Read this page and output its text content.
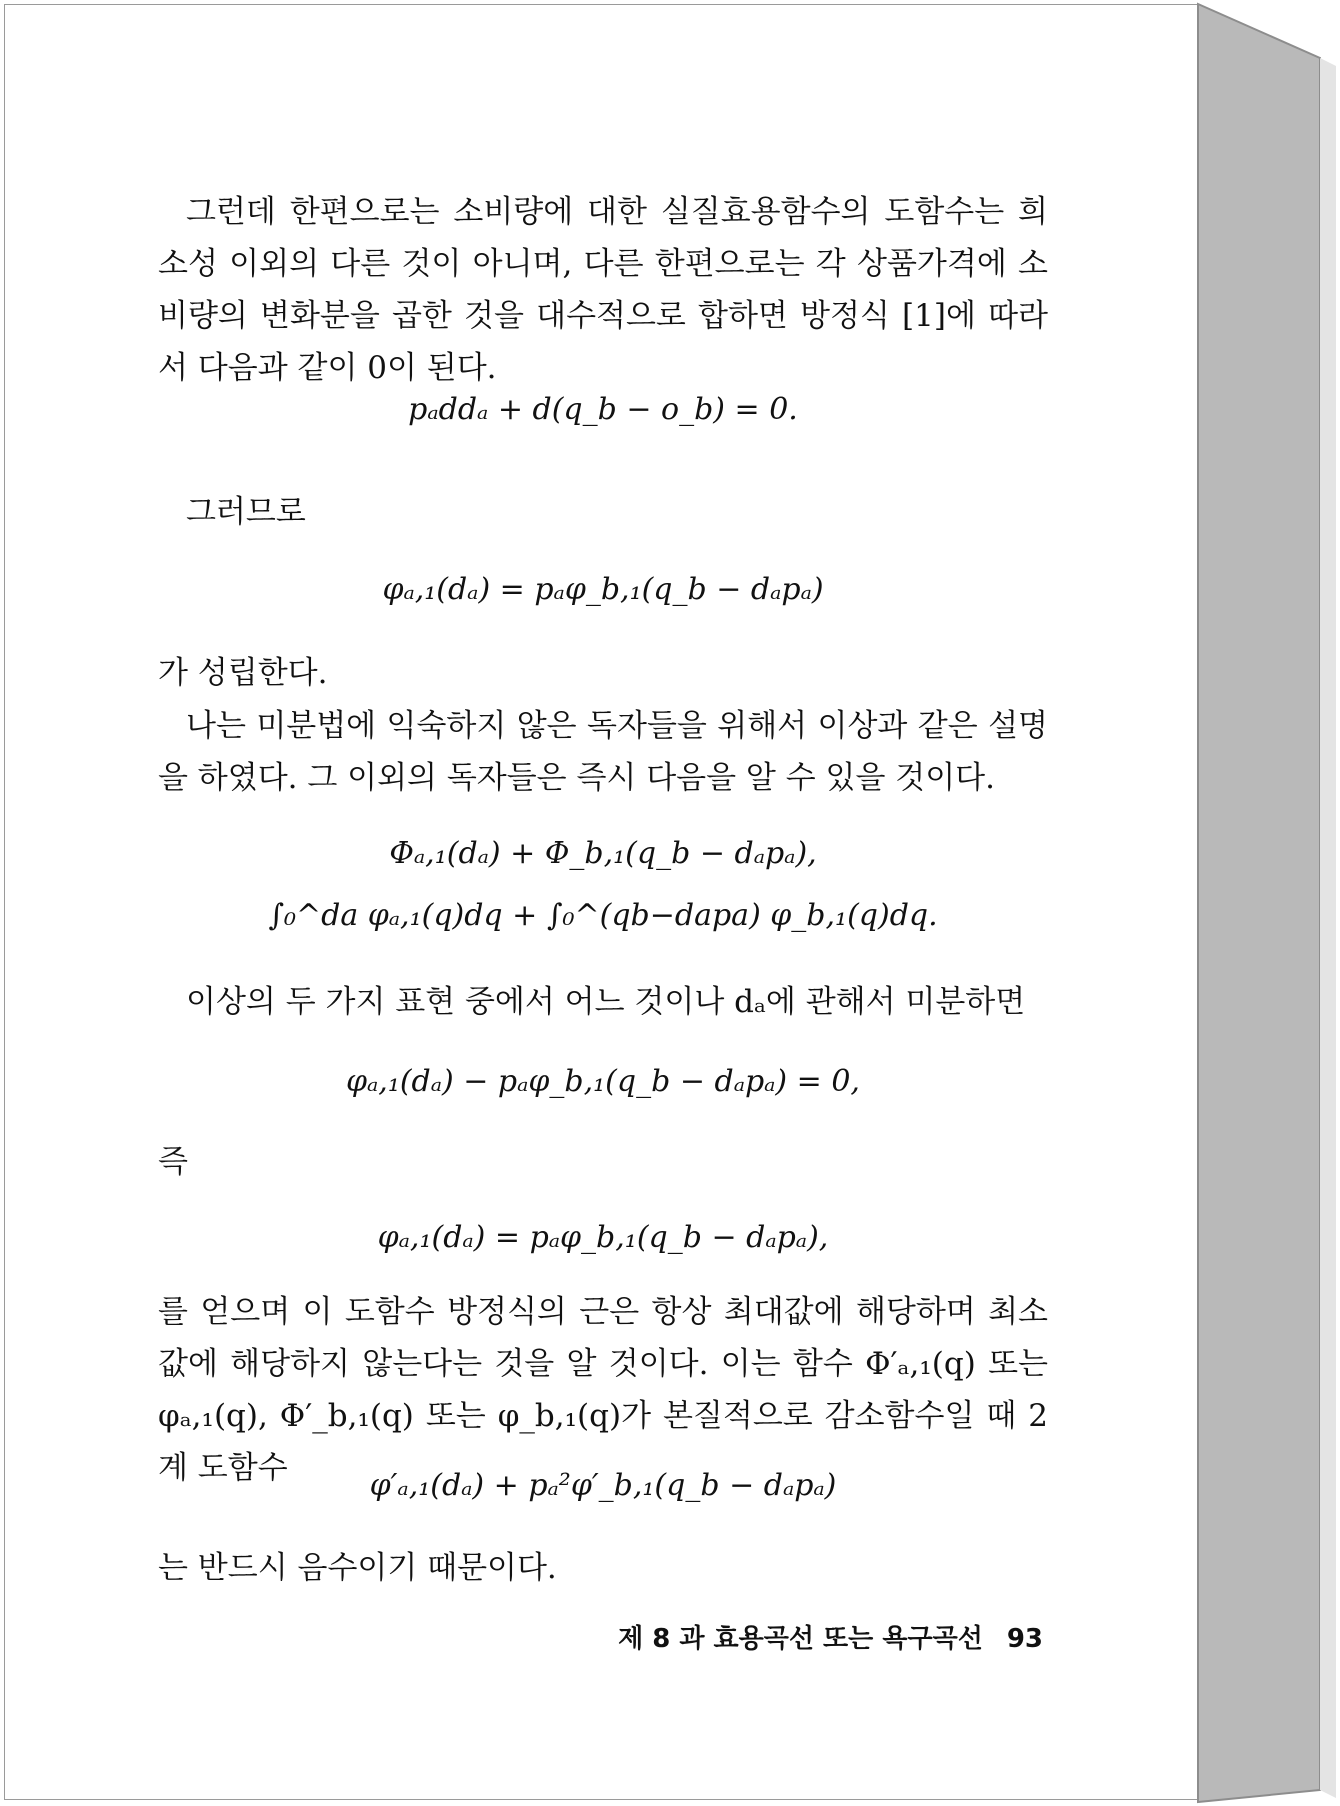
그런데 한편으로는 소비량에 대한 실질효용함수의 도함수는 희소성 이외의 다른 것이 아니며, 다른 한편으로는 각 상품가격에 소비량의 변화분을 곱한 것을 대수적으로 합하면 방정식 [1]에 따라서 다음과 같이 0이 된다.
pₐddₐ + d(q_b − o_b) = 0.
그러므로
φₐ,₁(dₐ) = pₐφ_b,₁(q_b − dₐpₐ)
가 성립한다.
나는 미분법에 익숙하지 않은 독자들을 위해서 이상과 같은 설명을 하였다. 그 이외의 독자들은 즉시 다음을 알 수 있을 것이다.
Φₐ,₁(dₐ) + Φ_b,₁(q_b − dₐpₐ),
∫₀^da φₐ,₁(q)dq + ∫₀^(qb−dapa) φ_b,₁(q)dq.
이상의 두 가지 표현 중에서 어느 것이나 dₐ에 관해서 미분하면
φₐ,₁(dₐ) − pₐφ_b,₁(q_b − dₐpₐ) = 0,
즉
φₐ,₁(dₐ) = pₐφ_b,₁(q_b − dₐpₐ),
를 얻으며 이 도함수 방정식의 근은 항상 최대값에 해당하며 최소값에 해당하지 않는다는 것을 알 것이다. 이는 함수 Φ′ₐ,₁(q) 또는 φₐ,₁(q), Φ′_b,₁(q) 또는 φ_b,₁(q)가 본질적으로 감소함수일 때 2계 도함수	φ′ₐ,₁(dₐ) + pₐ²φ′_b,₁(q_b − dₐpₐ)
는 반드시 음수이기 때문이다.
제 8 과 효용곡선 또는 욕구곡선 93
